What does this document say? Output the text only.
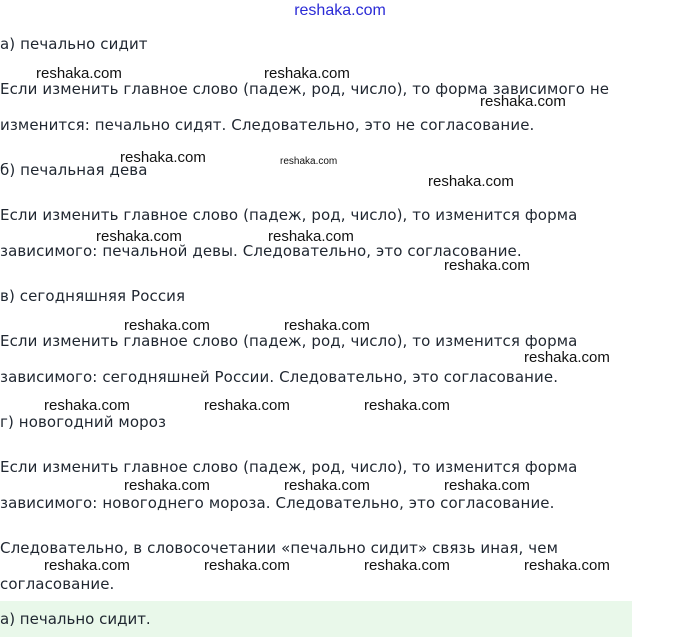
reshaka.com
а) печально сидит
Если изменить главное слово (падеж, род, число), то форма зависимого не
изменится: печально сидят. Следовательно, это не согласование.
б) печальная дева
Если изменить главное слово (падеж, род, число), то изменится форма
зависимого: печальной девы. Следовательно, это согласование.
в) сегодняшняя Россия
Если изменить главное слово (падеж, род, число), то изменится форма
зависимого: сегодняшней России. Следовательно, это согласование.
г) новогодний мороз
Если изменить главное слово (падеж, род, число), то изменится форма
зависимого: новогоднего мороза. Следовательно, это согласование.
Следовательно, в словосочетании «печально сидит» связь иная, чем
согласование.
а) печально сидит.
reshaka.com	reshaka.com
reshaka.com
reshaka.com	reshaka.com
reshaka.com
reshaka.com	reshaka.com
reshaka.com
reshaka.com	reshaka.com
reshaka.com
reshaka.com	reshaka.com	reshaka.com
reshaka.com	reshaka.com	reshaka.com
reshaka.com	reshaka.com	reshaka.com	reshaka.com
